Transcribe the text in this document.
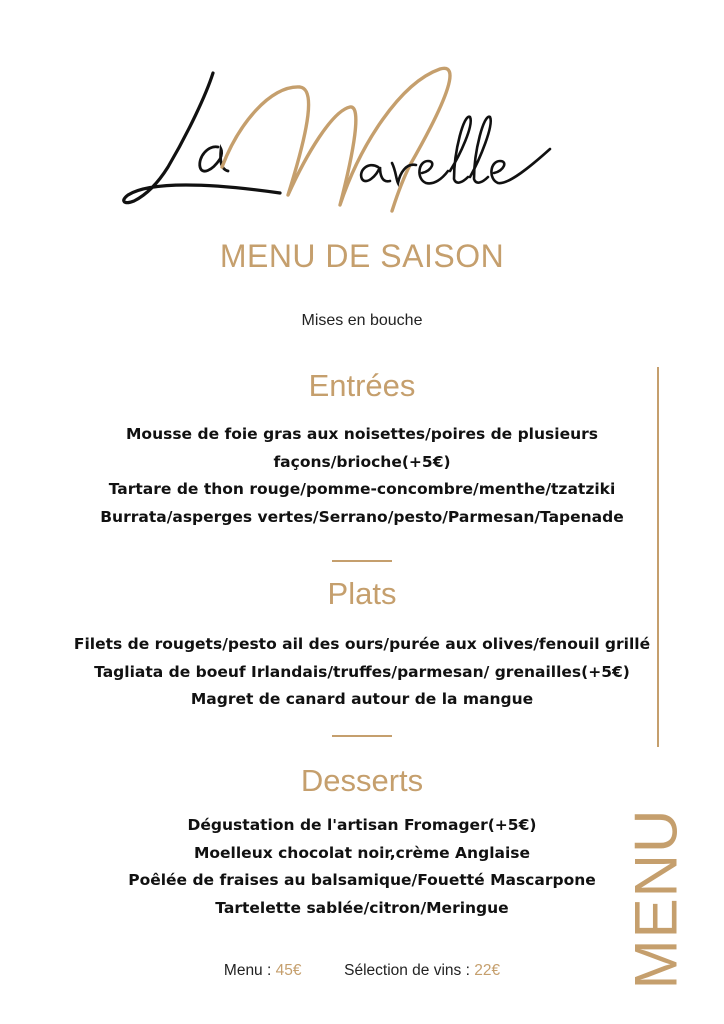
MENU DE SAISON
Mises en bouche
Entrées
Mousse de foie gras aux noisettes/poires de plusieurs façons/brioche(+5€)
Tartare de thon rouge/pomme-concombre/menthe/tzatziki
Burrata/asperges vertes/Serrano/pesto/Parmesan/Tapenade
Plats
Filets de rougets/pesto ail des ours/purée aux olives/fenouil grillé
Tagliata de boeuf Irlandais/truffes/parmesan/ grenailles(+5€)
Magret de canard autour de la mangue
Desserts
Dégustation de l'artisan Fromager(+5€)
Moelleux chocolat noir,crème Anglaise
Poêlée de fraises au balsamique/Fouetté Mascarpone
Tartelette sablée/citron/Meringue	MENU
Menu : 45€	Sélection de vins : 22€
